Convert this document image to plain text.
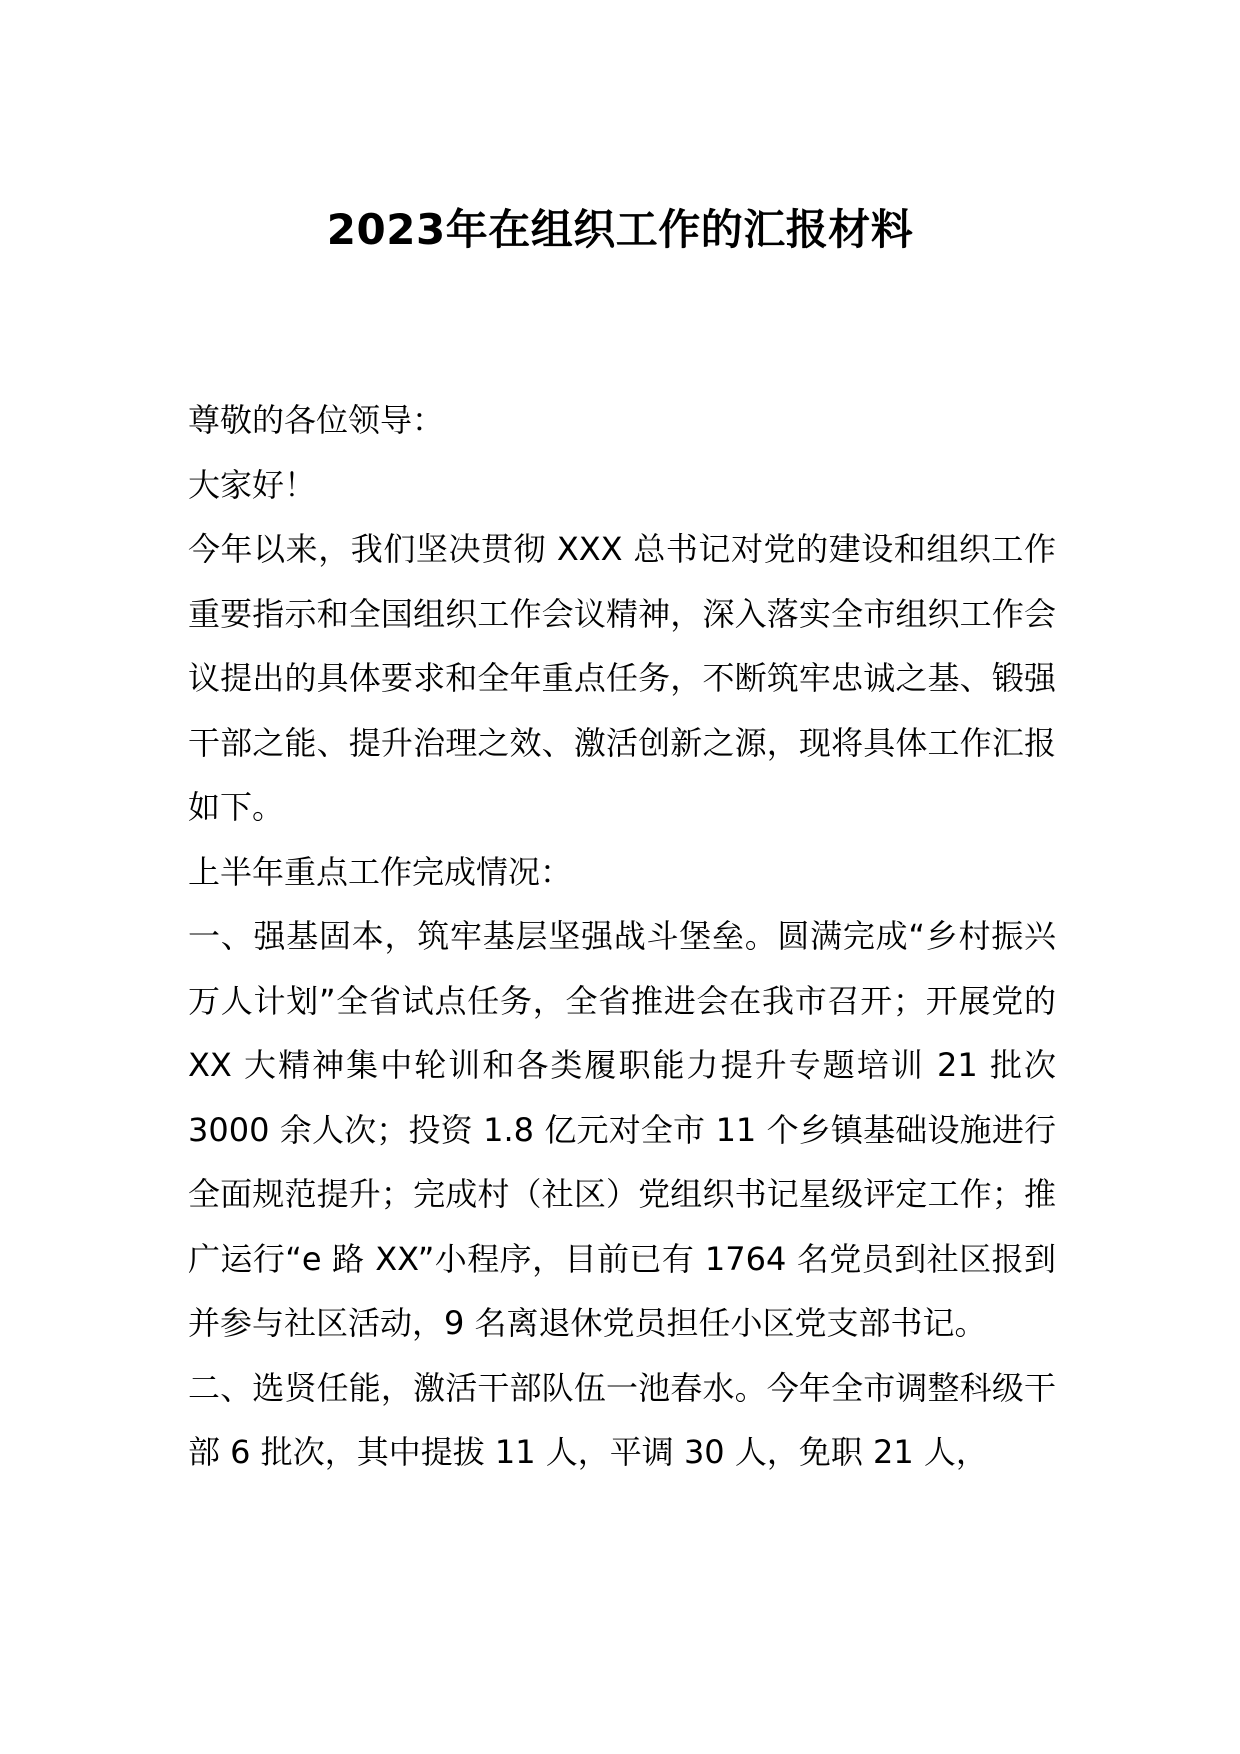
2023年在组织工作的汇报材料

尊敬的各位领导：

大家好！

今年以来，我们坚决贯彻 XXX 总书记对党的建设和组织工作重要指示和全国组织工作会议精神，深入落实全市组织工作会议提出的具体要求和全年重点任务，不断筑牢忠诚之基、锻强干部之能、提升治理之效、激活创新之源，现将具体工作汇报如下。

上半年重点工作完成情况：

一、强基固本，筑牢基层坚强战斗堡垒。圆满完成“乡村振兴万人计划”全省试点任务，全省推进会在我市召开；开展党的 XX 大精神集中轮训和各类履职能力提升专题培训 21 批次 3000 余人次；投资 1.8 亿元对全市 11 个乡镇基础设施进行全面规范提升；完成村（社区）党组织书记星级评定工作；推广运行“e 路 XX”小程序，目前已有 1764 名党员到社区报到并参与社区活动，9 名离退休党员担任小区党支部书记。

二、选贤任能，激活干部队伍一池春水。今年全市调整科级干部 6 批次，其中提拔 11 人，平调 30 人，免职 21 人，
